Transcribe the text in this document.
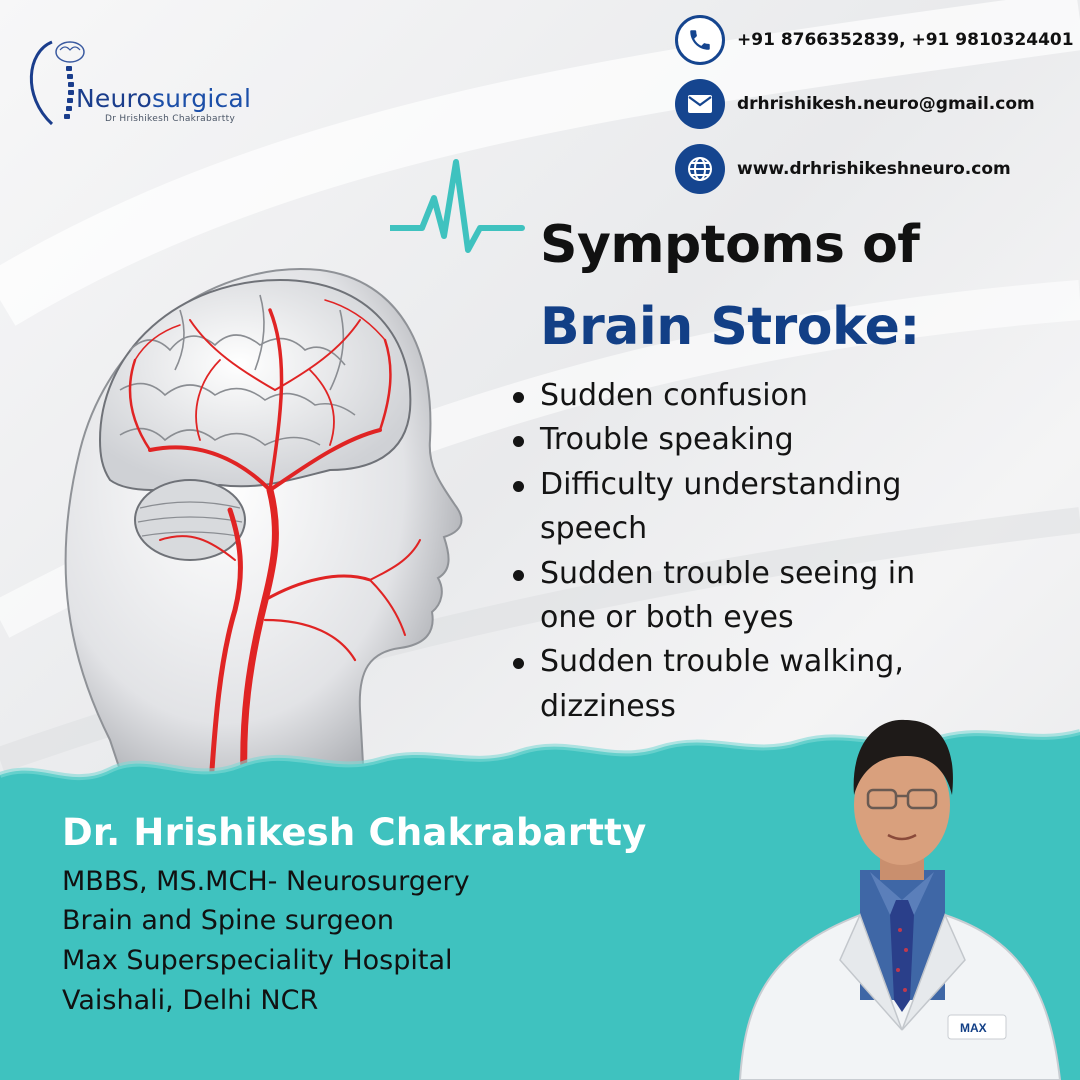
Neurosurgical
Dr Hrishikesh Chakrabartty
+91 8766352839, +91 9810324401
drhrishikesh.neuro@gmail.com
www.drhrishikeshneuro.com
Symptoms of
Brain Stroke:
Sudden confusion
Trouble speaking
Difficulty understanding speech
Sudden trouble seeing in one or both eyes
Sudden trouble walking, dizziness
Dr. Hrishikesh Chakrabartty
MBBS, MS.MCH- Neurosurgery
Brain and Spine surgeon
Max Superspeciality Hospital
Vaishali, Delhi NCR
MAX
